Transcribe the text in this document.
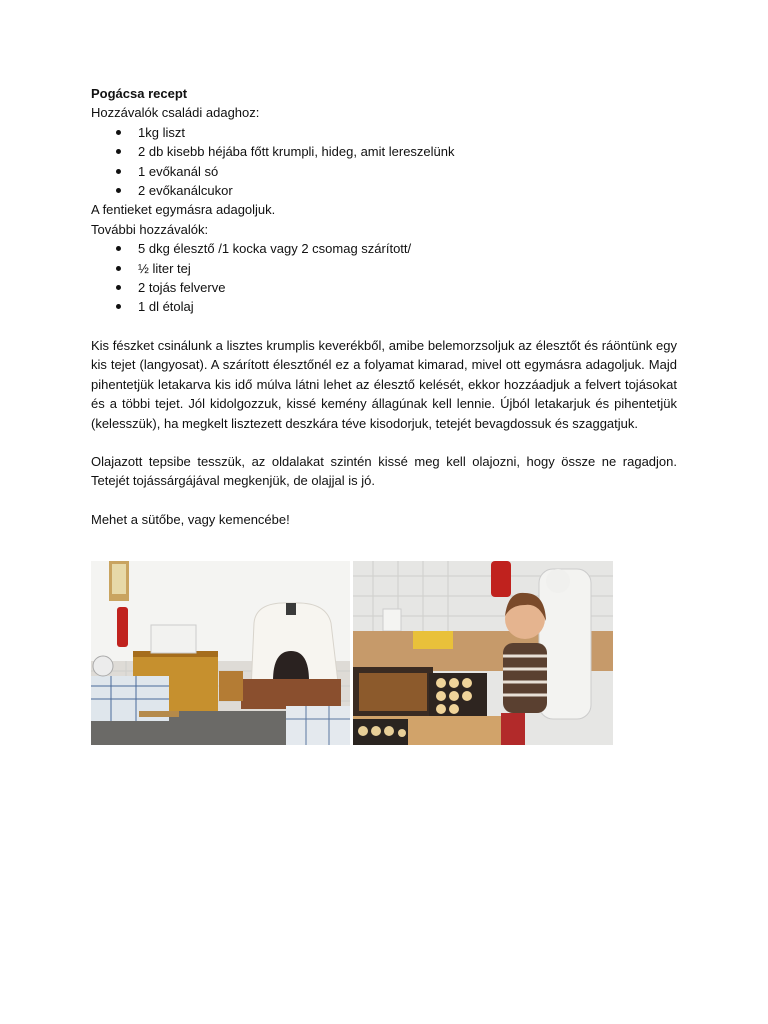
Pogácsa recept

Hozzávalók családi adaghoz:

1kg liszt
2 db kisebb héjába főtt krumpli, hideg, amit lereszelünk
1 evőkanál só
2 evőkanálcukor

A fentieket egymásra adagoljuk.

További hozzávalók:

5 dkg élesztő /1 kocka vagy 2 csomag szárított/
½ liter tej
2 tojás felverve
1 dl étolaj

Kis fészket csinálunk a lisztes krumplis keverékből, amibe belemorzsoljuk az élesztőt és ráöntünk egy kis tejet (langyosat). A szárított élesztőnél ez a folyamat kimarad, mivel ott egymásra adagoljuk. Majd pihentetjük letakarva kis idő múlva látni lehet az élesztő kelését, ekkor hozzáadjuk a felvert tojásokat és a többi tejet. Jól kidolgozzuk, kissé kemény állagúnak kell lennie. Újból letakarjuk és pihentetjük (kelesszük), ha megkelt lisztezett deszkára téve kisodorjuk, tetejét bevagdossuk és szaggatjuk.

Olajazott tepsibe tesszük, az oldalakat szintén kissé meg kell olajozni, hogy össze ne ragadjon. Tetejét tojássárgájával megkenjük, de olajjal is jó.

Mehet a sütőbe, vagy kemencébe!
